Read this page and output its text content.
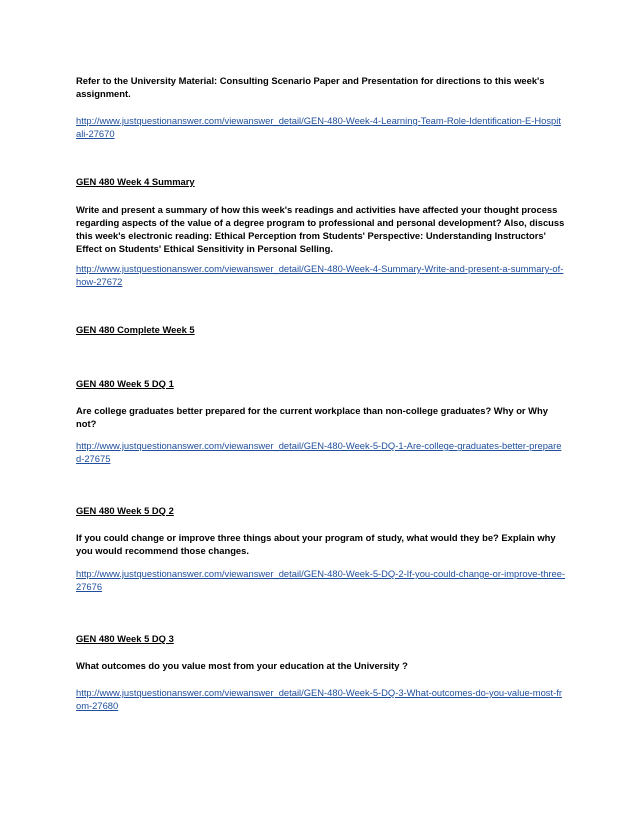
Refer to the University Material: Consulting Scenario Paper and Presentation for directions to this week's assignment.
http://www.justquestionanswer.com/viewanswer_detail/GEN-480-Week-4-Learning-Team-Role-Identification-E-Hospitali-27670
GEN 480 Week 4 Summary
Write and present a summary of how this week's readings and activities have affected your thought process regarding aspects of the value of a degree program to professional and personal development? Also, discuss this week's electronic reading: Ethical Perception from Students' Perspective: Understanding Instructors' Effect on Students' Ethical Sensitivity in Personal Selling.
http://www.justquestionanswer.com/viewanswer_detail/GEN-480-Week-4-Summary-Write-and-present-a-summary-of-how-27672
GEN 480 Complete Week 5
GEN 480 Week 5 DQ 1
Are college graduates better prepared for the current workplace than non-college graduates? Why or Why not?
http://www.justquestionanswer.com/viewanswer_detail/GEN-480-Week-5-DQ-1-Are-college-graduates-better-prepared-27675
GEN 480 Week 5 DQ 2
If you could change or improve three things about your program of study, what would they be? Explain why you would recommend those changes.
http://www.justquestionanswer.com/viewanswer_detail/GEN-480-Week-5-DQ-2-If-you-could-change-or-improve-three-27676
GEN 480 Week 5 DQ 3
What outcomes do you value most from your education at the University ?
http://www.justquestionanswer.com/viewanswer_detail/GEN-480-Week-5-DQ-3-What-outcomes-do-you-value-most-from-27680
